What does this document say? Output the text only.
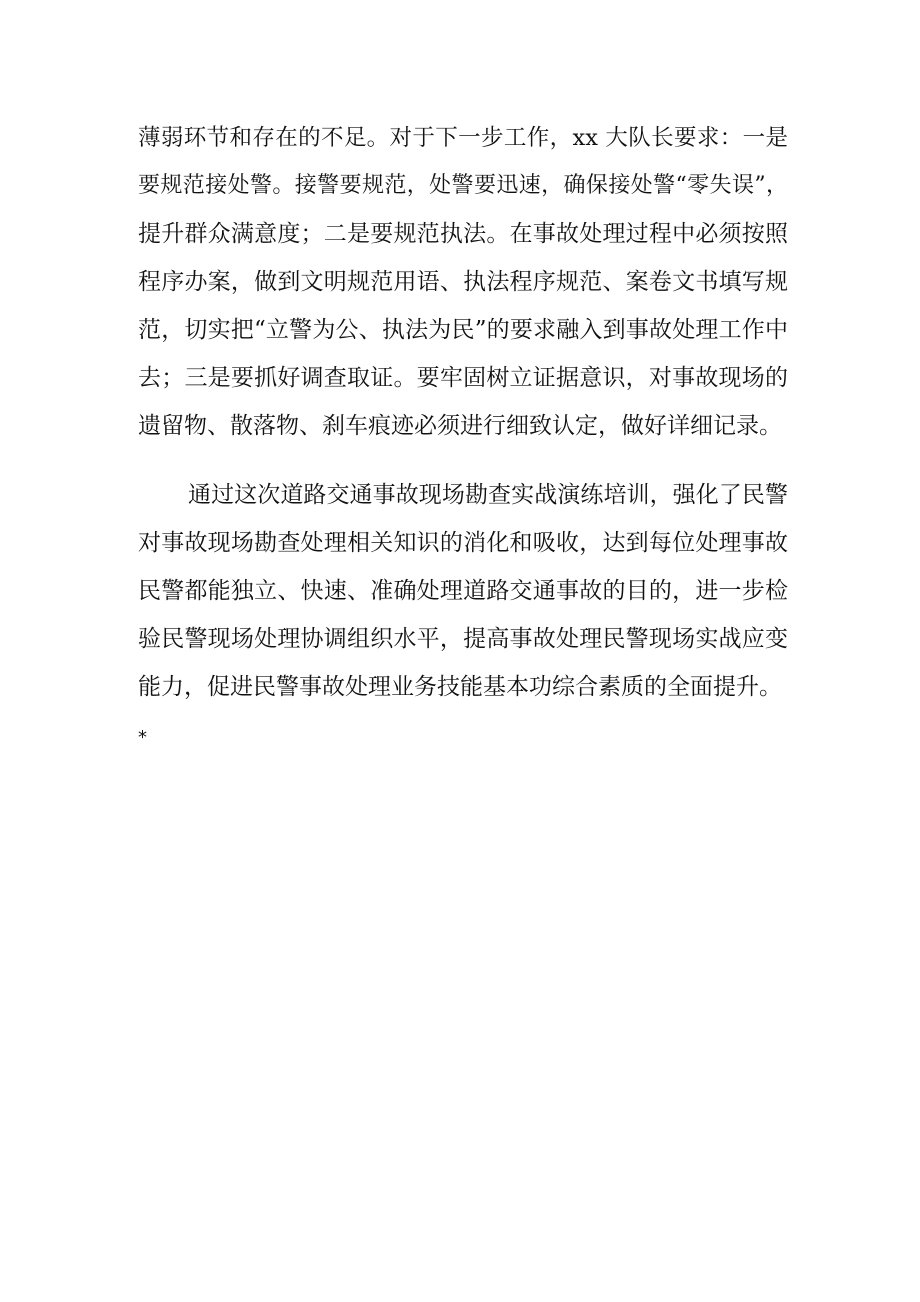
薄弱环节和存在的不足。对于下一步工作，xx 大队长要求：一是
要规范接处警。接警要规范，处警要迅速，确保接处警“零失误”，
提升群众满意度；二是要规范执法。在事故处理过程中必须按照
程序办案，做到文明规范用语、执法程序规范、案卷文书填写规
范，切实把“立警为公、执法为民”的要求融入到事故处理工作中
去；三是要抓好调查取证。要牢固树立证据意识，对事故现场的
遗留物、散落物、刹车痕迹必须进行细致认定，做好详细记录。
通过这次道路交通事故现场勘查实战演练培训，强化了民警
对事故现场勘查处理相关知识的消化和吸收，达到每位处理事故
民警都能独立、快速、准确处理道路交通事故的目的，进一步检
验民警现场处理协调组织水平，提高事故处理民警现场实战应变
能力，促进民警事故处理业务技能基本功综合素质的全面提升。
*
